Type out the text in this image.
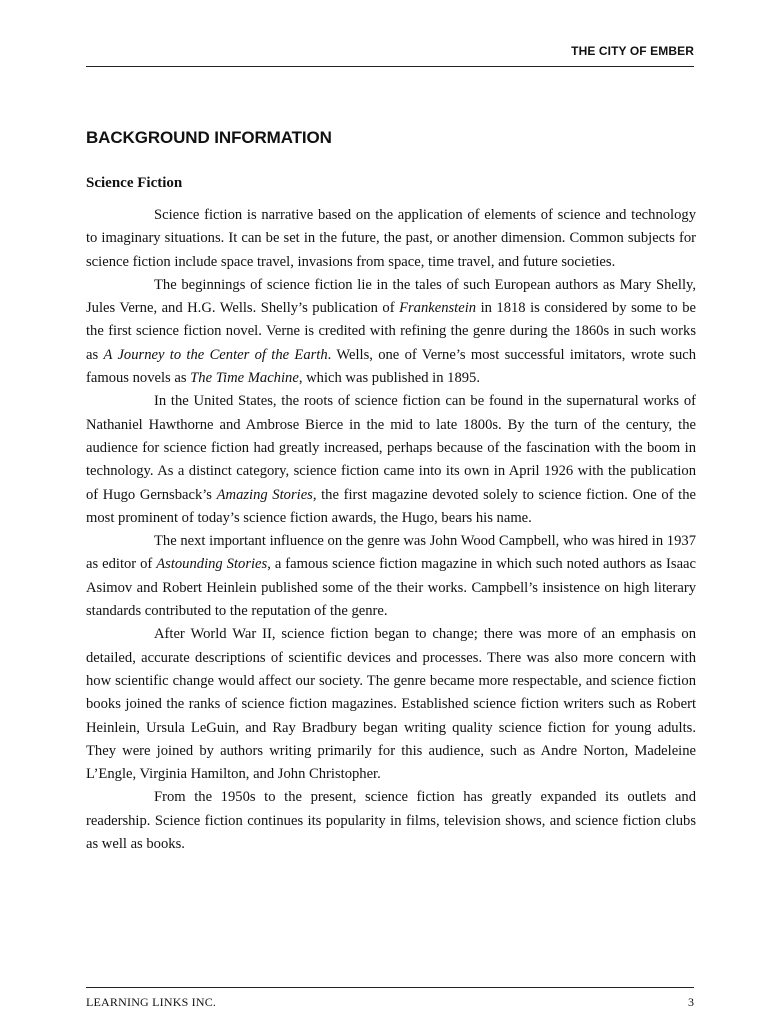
THE CITY OF EMBER
BACKGROUND INFORMATION
Science Fiction

Science fiction is narrative based on the application of elements of science and technology to imaginary situations. It can be set in the future, the past, or another dimension. Common subjects for science fiction include space travel, invasions from space, time travel, and future societies.

The beginnings of science fiction lie in the tales of such European authors as Mary Shelly, Jules Verne, and H.G. Wells. Shelly’s publication of Frankenstein in 1818 is considered by some to be the first science fiction novel. Verne is credited with refining the genre during the 1860s in such works as A Journey to the Center of the Earth. Wells, one of Verne’s most successful imitators, wrote such famous novels as The Time Machine, which was published in 1895.

In the United States, the roots of science fiction can be found in the supernatural works of Nathaniel Hawthorne and Ambrose Bierce in the mid to late 1800s. By the turn of the century, the audience for science fiction had greatly increased, perhaps because of the fascination with the boom in technology. As a distinct category, science fiction came into its own in April 1926 with the publication of Hugo Gernsback’s Amazing Stories, the first magazine devoted solely to science fiction. One of the most prominent of today’s science fiction awards, the Hugo, bears his name.

The next important influence on the genre was John Wood Campbell, who was hired in 1937 as editor of Astounding Stories, a famous science fiction magazine in which such noted authors as Isaac Asimov and Robert Heinlein published some of the their works. Campbell’s insistence on high literary standards contributed to the reputation of the genre.

After World War II, science fiction began to change; there was more of an emphasis on detailed, accurate descriptions of scientific devices and processes. There was also more concern with how scientific change would affect our society. The genre became more respectable, and science fiction books joined the ranks of science fiction magazines. Established science fiction writers such as Robert Heinlein, Ursula LeGuin, and Ray Bradbury began writing quality science fiction for young adults. They were joined by authors writing primarily for this audience, such as Andre Norton, Madeleine L’Engle, Virginia Hamilton, and John Christopher.

From the 1950s to the present, science fiction has greatly expanded its outlets and readership. Science fiction continues its popularity in films, television shows, and science fiction clubs as well as books.

LEARNING LINKS INC.	3
